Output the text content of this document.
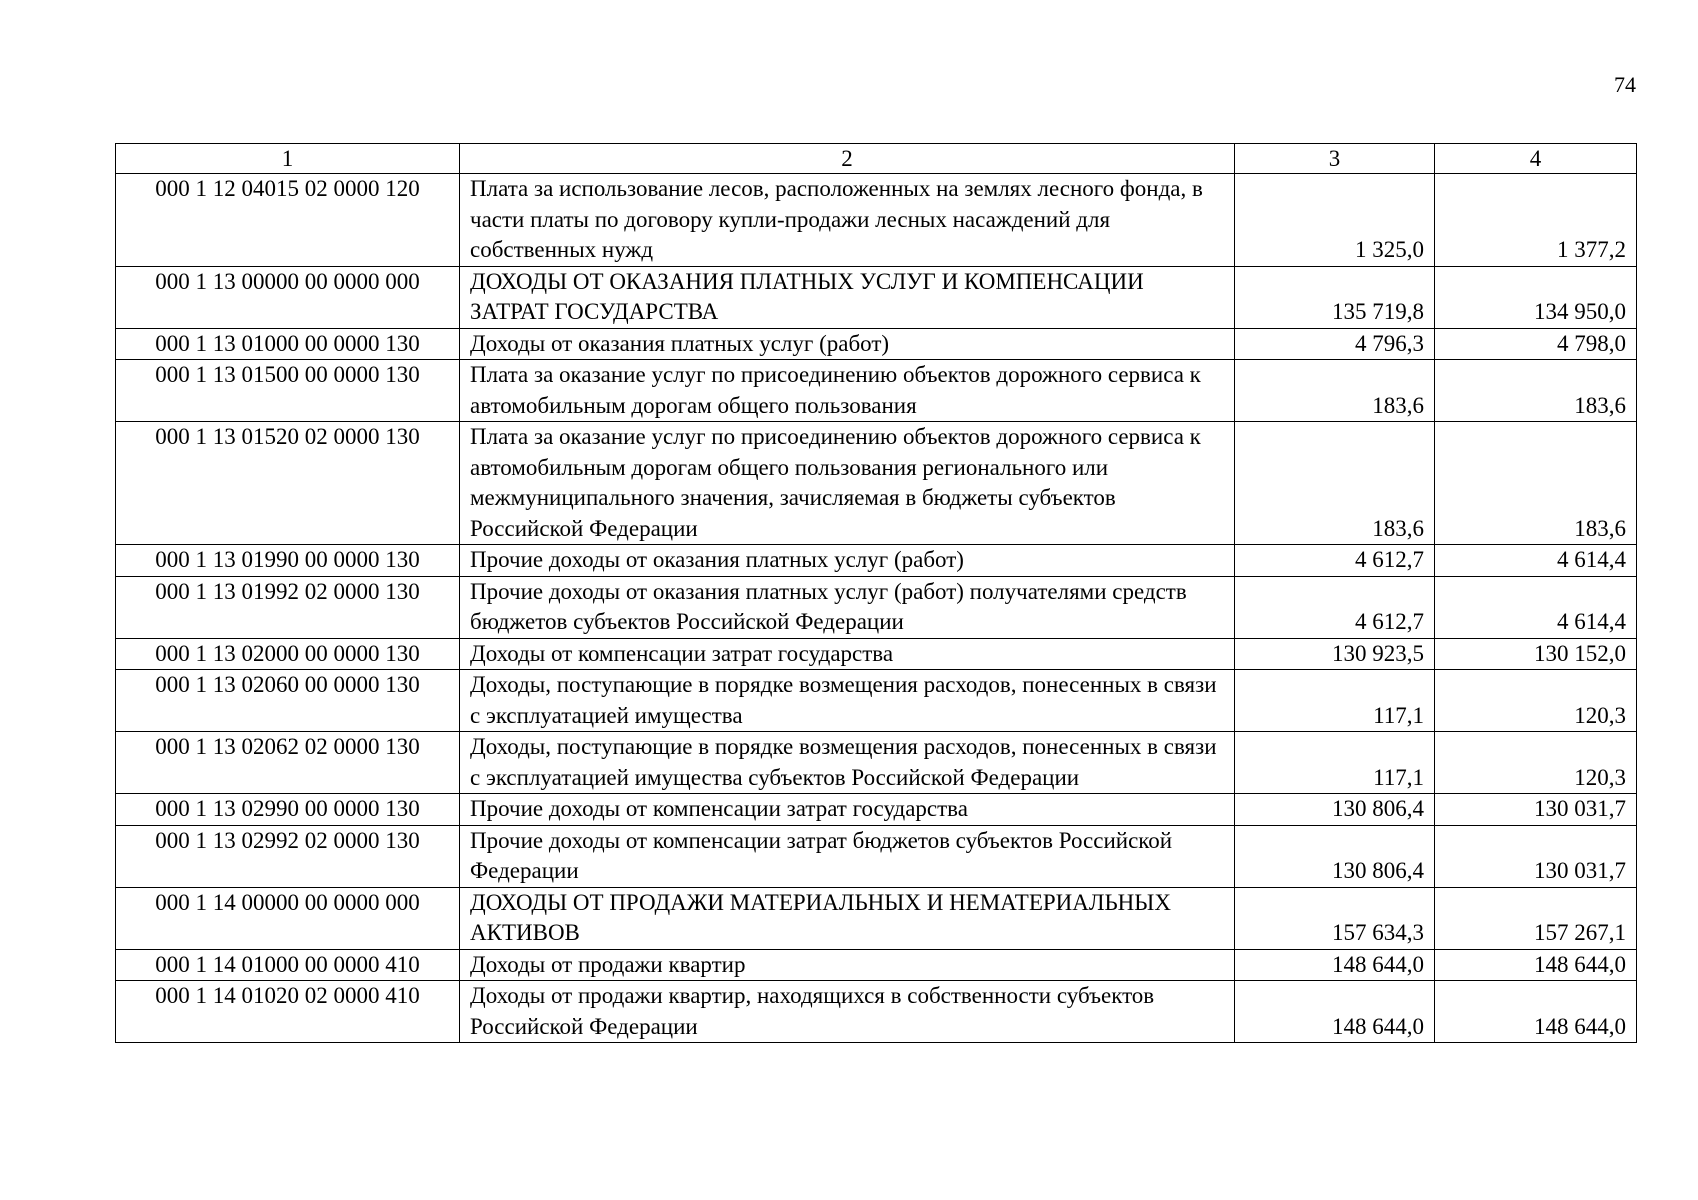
74
1	2	3	4
000 1 12 04015 02 0000 120	Плата за использование лесов, расположенных на землях лесного фонда, в части платы по договору купли-продажи лесных насаждений для собственных нужд	1 325,0	1 377,2
000 1 13 00000 00 0000 000	ДОХОДЫ ОТ ОКАЗАНИЯ ПЛАТНЫХ УСЛУГ И КОМПЕНСАЦИИ ЗАТРАТ ГОСУДАРСТВА	135 719,8	134 950,0
000 1 13 01000 00 0000 130	Доходы от оказания платных услуг (работ)	4 796,3	4 798,0
000 1 13 01500 00 0000 130	Плата за оказание услуг по присоединению объектов дорожного сервиса к автомобильным дорогам общего пользования	183,6	183,6
000 1 13 01520 02 0000 130	Плата за оказание услуг по присоединению объектов дорожного сервиса к автомобильным дорогам общего пользования регионального или межмуниципального значения, зачисляемая в бюджеты субъектов Российской Федерации	183,6	183,6
000 1 13 01990 00 0000 130	Прочие доходы от оказания платных услуг (работ)	4 612,7	4 614,4
000 1 13 01992 02 0000 130	Прочие доходы от оказания платных услуг (работ) получателями средств бюджетов субъектов Российской Федерации	4 612,7	4 614,4
000 1 13 02000 00 0000 130	Доходы от компенсации затрат государства	130 923,5	130 152,0
000 1 13 02060 00 0000 130	Доходы, поступающие в порядке возмещения расходов, понесенных в связи с эксплуатацией имущества	117,1	120,3
000 1 13 02062 02 0000 130	Доходы, поступающие в порядке возмещения расходов, понесенных в связи с эксплуатацией имущества субъектов Российской Федерации	117,1	120,3
000 1 13 02990 00 0000 130	Прочие доходы от компенсации затрат государства	130 806,4	130 031,7
000 1 13 02992 02 0000 130	Прочие доходы от компенсации затрат бюджетов субъектов Российской Федерации	130 806,4	130 031,7
000 1 14 00000 00 0000 000	ДОХОДЫ ОТ ПРОДАЖИ МАТЕРИАЛЬНЫХ И НЕМАТЕРИАЛЬНЫХ АКТИВОВ	157 634,3	157 267,1
000 1 14 01000 00 0000 410	Доходы от продажи квартир	148 644,0	148 644,0
000 1 14 01020 02 0000 410	Доходы от продажи квартир, находящихся в собственности субъектов Российской Федерации	148 644,0	148 644,0
